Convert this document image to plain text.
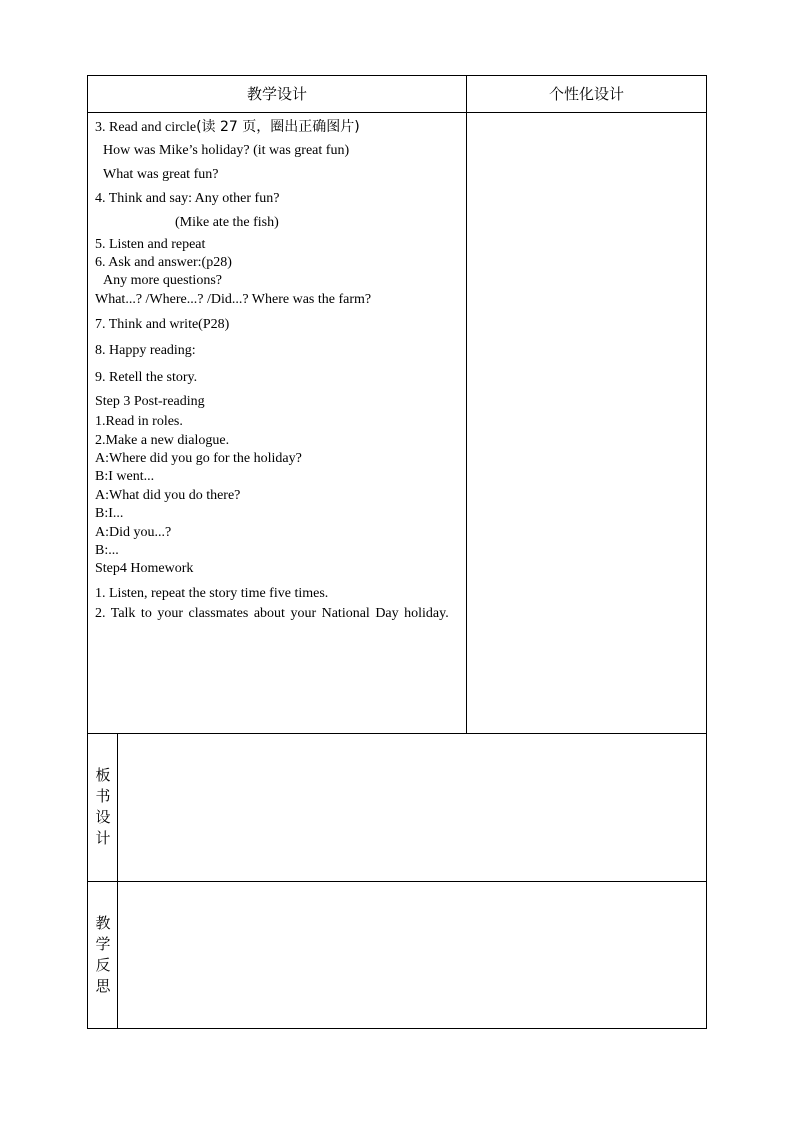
教学设计	个性化设计
3. Read and circle(读 27 页，圈出正确图片)
How was Mike’s holiday? (it was great fun)
What was great fun?
4. Think and say: Any other fun?
(Mike ate the fish)
5. Listen and repeat
6. Ask and answer:(p28)
Any more questions?
What...? /Where...? /Did...? Where was the farm?
7. Think and write(P28)
8. Happy reading:
9. Retell the story.
Step 3 Post-reading
1.Read in roles.
2.Make a new dialogue.
A:Where did you go for the holiday?
B:I went...
A:What did you do there?
B:I...
A:Did you...?
B:...
Step4 Homework
1. Listen, repeat the story time five times.
2. Talk to your classmates about your National Day holiday.
板
书
设
计
教
学
反
思
